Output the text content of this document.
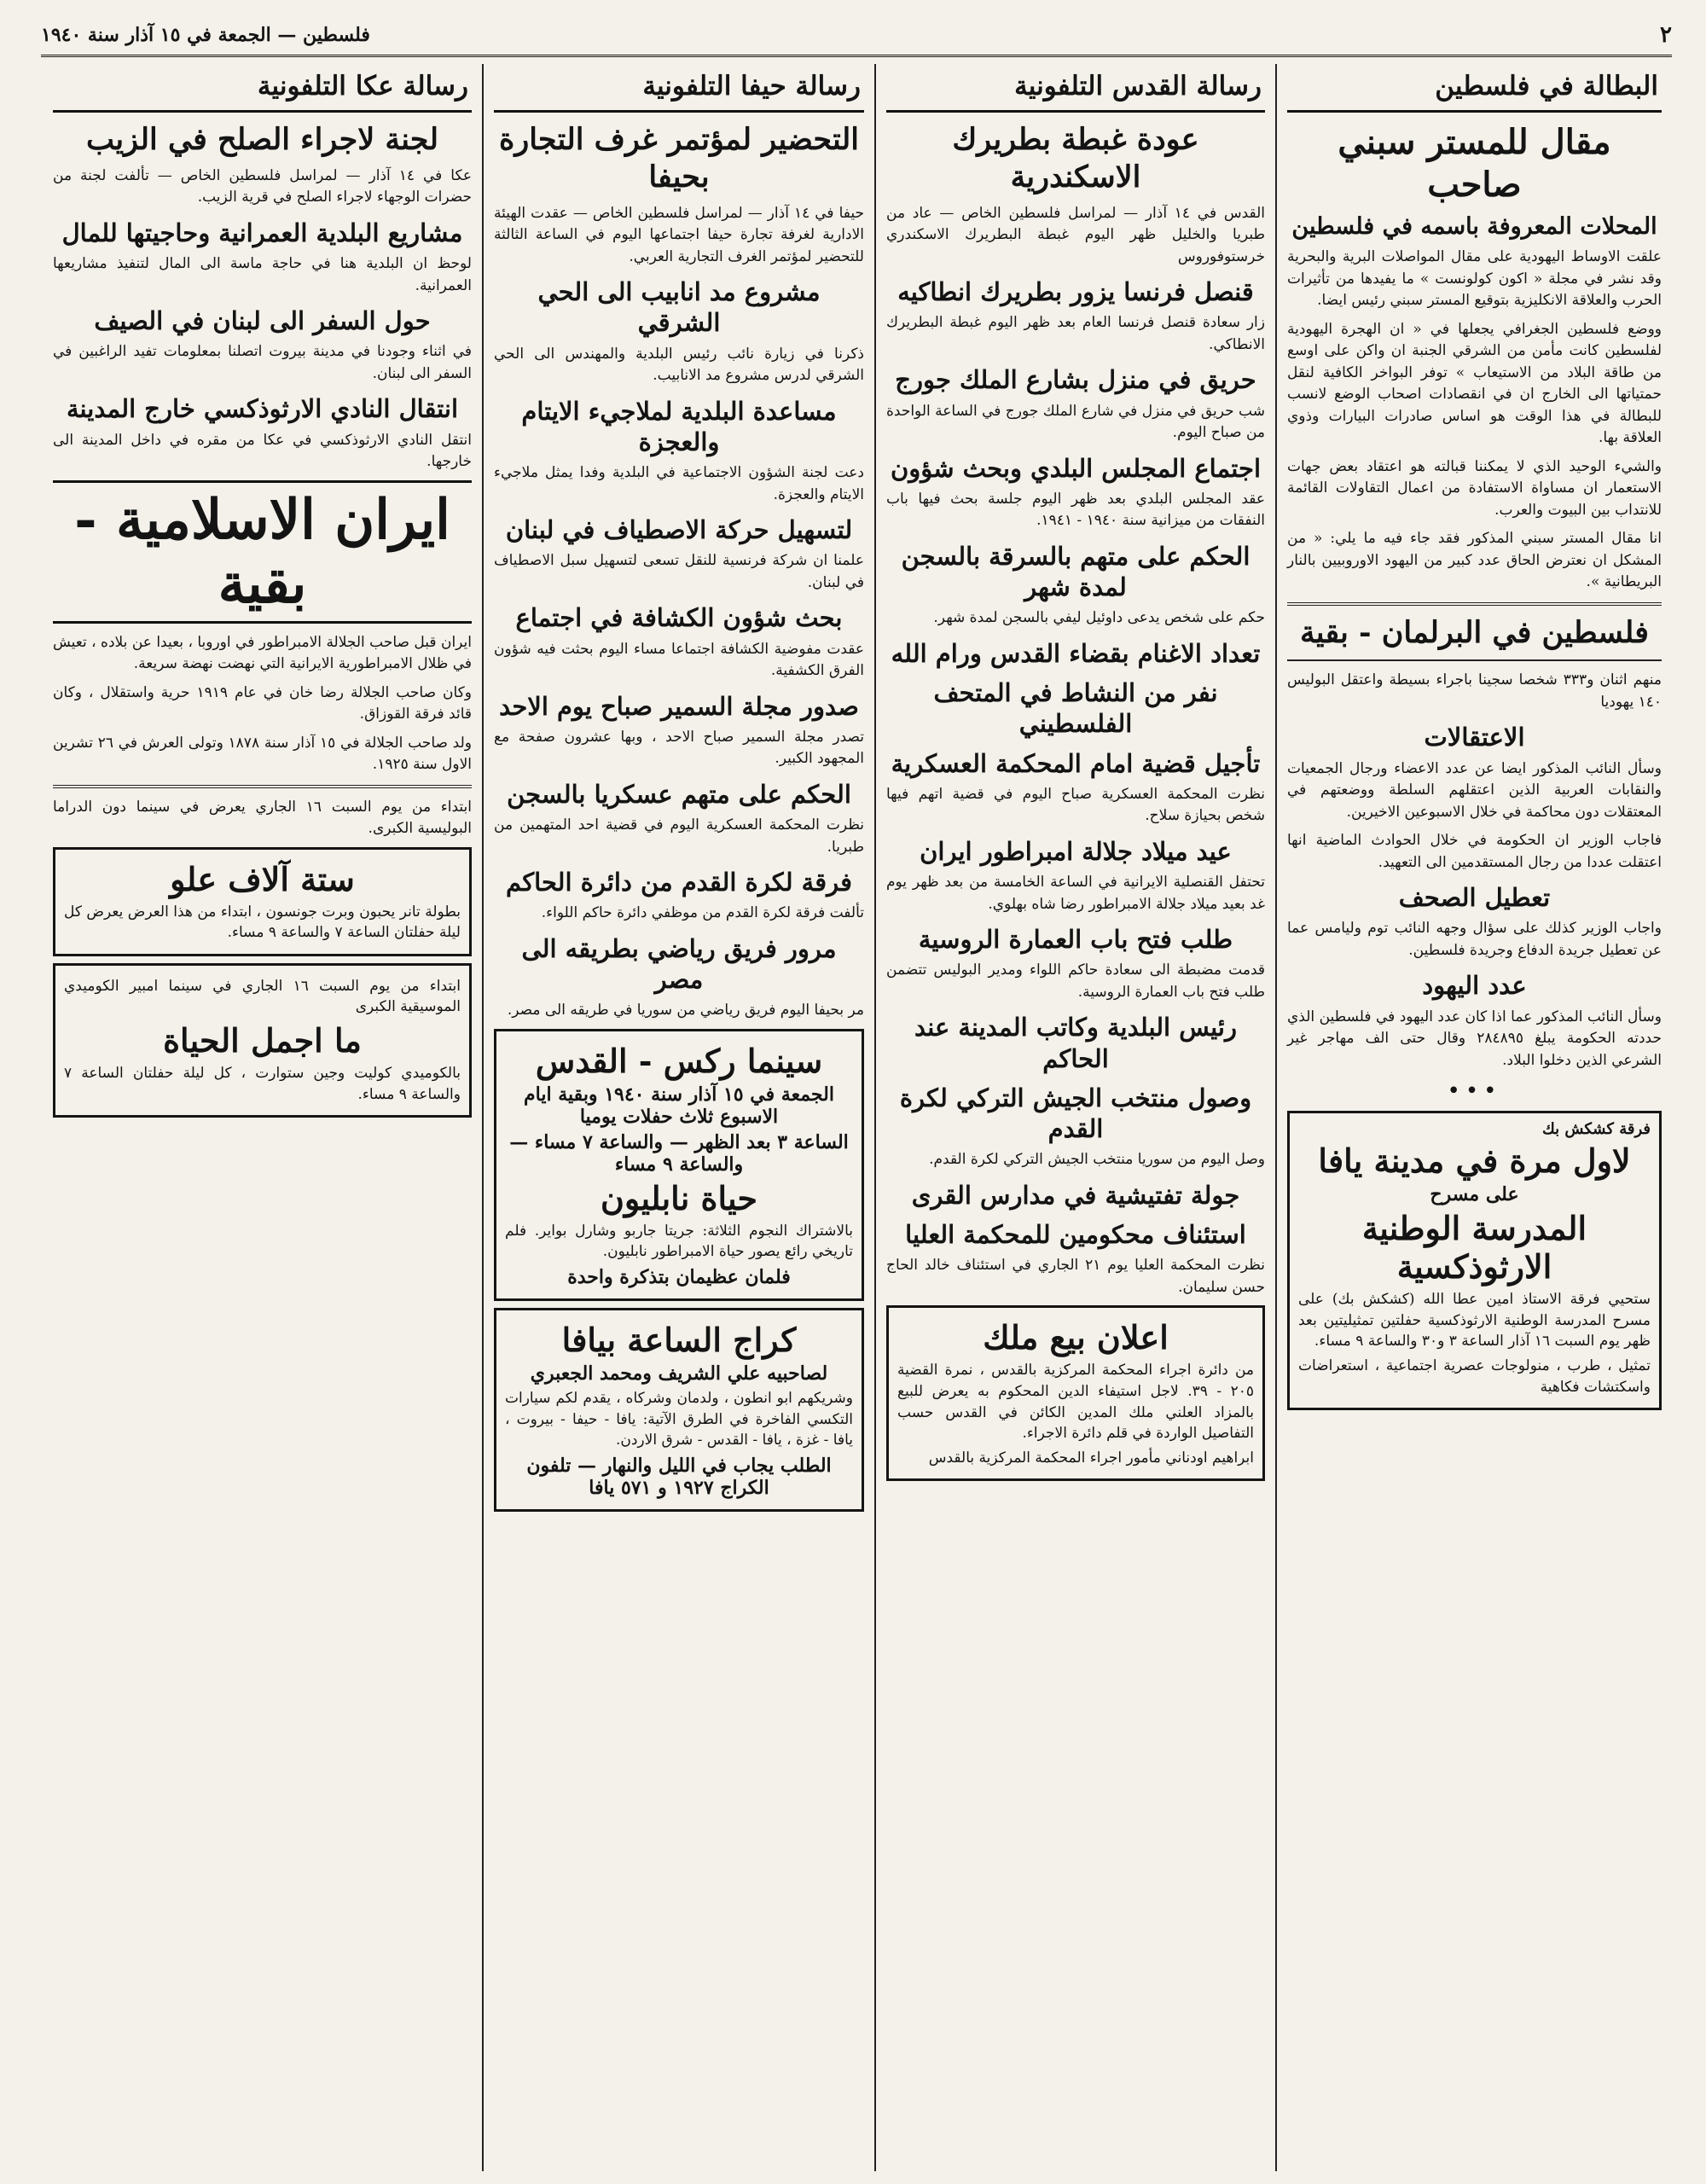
٢
فلسطين — الجمعة في ١٥ آذار سنة ١٩٤٠
البطالة في فلسطين
مقال للمستر سبني صاحب
المحلات المعروفة باسمه في فلسطين

علقت الاوساط اليهودية على مقال المواصلات البرية والبحرية وقد نشر في مجلة « اكون كولونست » ما يفيدها من تأثيرات الحرب والعلاقة الانكليزية بتوقيع المستر سبني رئيس ايضا.

ووضع فلسطين الجغرافي يجعلها في « ان الهجرة اليهودية لفلسطين كانت مأمن من الشرقي الجنبة ان واكن على اوسع من طاقة البلاد من الاستيعاب » توفر البواخر الكافية لنقل حمتياتها الى الخارج ان في انقصادات اصحاب الوضع لانسب للبطالة في هذا الوقت هو اساس صادرات البيارات وذوي العلاقة بها.

والشيء الوحيد الذي لا يمكننا قبالته هو اعتقاد بعض جهات الاستعمار ان مساواة الاستفادة من اعمال التقاولات القائمة للانتداب بين البيوت والعرب.

انا مقال المستر سبني المذكور فقد جاء فيه ما يلي: « من المشكل ان نعترض الحاق عدد كبير من اليهود الاوروبيين بالنار البريطانية ».

فلسطين في البرلمان - بقية

منهم اثنان و٣٣٣ شخصا سجينا باجراء بسيطة واعتقل البوليس ١٤٠ يهوديا

الاعتقالات

وسأل النائب المذكور ايضا عن عدد الاعضاء ورجال الجمعيات والنقابات العربية الذين اعتقلهم السلطة ووضعتهم في المعتقلات دون محاكمة في خلال الاسبوعين الاخيرين.

فاجاب الوزير ان الحكومة في خلال الحوادث الماضية انها اعتقلت عددا من رجال المستقدمين الى التعهيد.

تعطيل الصحف

واجاب الوزير كذلك على سؤال وجهه النائب توم وليامس عما عن تعطيل جريدة الدفاع وجريدة فلسطين.

عدد اليهود

وسأل النائب المذكور عما اذا كان عدد اليهود في فلسطين الذي حددته الحكومة يبلغ ٢٨٤٨٩٥ وقال حتى الف مهاجر غير الشرعي الذين دخلوا البلاد.

•••
فرقة كشكش بك
لاول مرة في مدينة يافا
على مسرح
المدرسة الوطنية الارثوذكسية

ستحيي فرقة الاستاذ امين عطا الله (كشكش بك) على مسرح المدرسة الوطنية الارثوذكسية حفلتين تمثيليتين بعد ظهر يوم السبت ١٦ آذار الساعة ٣ و٣٠ والساعة ٩ مساء.

تمثيل ، طرب ، منولوجات عصرية اجتماعية ، استعراضات واسكتشات فكاهية

رسالة القدس التلفونية
عودة غبطة بطريرك الاسكندرية

القدس في ١٤ آذار — لمراسل فلسطين الخاص — عاد من طبريا والخليل ظهر اليوم غبطة البطريرك الاسكندري خرستوفوروس

قنصل فرنسا يزور بطريرك انطاكيه

زار سعادة قنصل فرنسا العام بعد ظهر اليوم غبطة البطريرك الانطاكي.

حريق في منزل بشارع الملك جورج

شب حريق في منزل في شارع الملك جورج في الساعة الواحدة من صباح اليوم.

اجتماع المجلس البلدي وبحث شؤون

عقد المجلس البلدي بعد ظهر اليوم جلسة بحث فيها باب النفقات من ميزانية سنة ١٩٤٠ - ١٩٤١.

الحكم على متهم بالسرقة بالسجن لمدة شهر

حكم على شخص يدعى داوئيل ليفي بالسجن لمدة شهر.

تعداد الاغنام بقضاء القدس ورام الله
نفر من النشاط في المتحف الفلسطيني
تأجيل قضية امام المحكمة العسكرية

نظرت المحكمة العسكرية صباح اليوم في قضية اتهم فيها شخص بحيازة سلاح.

عيد ميلاد جلالة امبراطور ايران

تحتفل القنصلية الايرانية في الساعة الخامسة من بعد ظهر يوم غد بعيد ميلاد جلالة الامبراطور رضا شاه بهلوي.

طلب فتح باب العمارة الروسية

قدمت مضبطة الى سعادة حاكم اللواء ومدير البوليس تتضمن طلب فتح باب العمارة الروسية.

رئيس البلدية وكاتب المدينة عند الحاكم
وصول منتخب الجيش التركي لكرة القدم

وصل اليوم من سوريا منتخب الجيش التركي لكرة القدم.

جولة تفتيشية في مدارس القرى
استئناف محكومين للمحكمة العليا

نظرت المحكمة العليا يوم ٢١ الجاري في استئناف خالد الحاج حسن سليمان.

اعلان بيع ملك

من دائرة اجراء المحكمة المركزية بالقدس ، نمرة القضية ٢٠٥ - ٣٩. لاجل استيفاء الدين المحكوم به يعرض للبيع بالمزاد العلني ملك المدين الكائن في القدس حسب التفاصيل الواردة في قلم دائرة الاجراء.

ابراهيم اودناني مأمور اجراء المحكمة المركزية بالقدس

رسالة حيفا التلفونية
التحضير لمؤتمر غرف التجارة بحيفا

حيفا في ١٤ آذار — لمراسل فلسطين الخاص — عقدت الهيئة الادارية لغرفة تجارة حيفا اجتماعها اليوم في الساعة الثالثة للتحضير لمؤتمر الغرف التجارية العربي.

مشروع مد انابيب الى الحي الشرقي

ذكرنا في زيارة نائب رئيس البلدية والمهندس الى الحي الشرقي لدرس مشروع مد الانابيب.

مساعدة البلدية لملاجيء الايتام والعجزة

دعت لجنة الشؤون الاجتماعية في البلدية وفدا يمثل ملاجيء الايتام والعجزة.

لتسهيل حركة الاصطياف في لبنان

علمنا ان شركة فرنسية للنقل تسعى لتسهيل سبل الاصطياف في لبنان.

بحث شؤون الكشافة في اجتماع

عقدت مفوضية الكشافة اجتماعا مساء اليوم بحثت فيه شؤون الفرق الكشفية.

صدور مجلة السمير صباح يوم الاحد

تصدر مجلة السمير صباح الاحد ، وبها عشرون صفحة مع المجهود الكبير.

الحكم على متهم عسكريا بالسجن

نظرت المحكمة العسكرية اليوم في قضية احد المتهمين من طبريا.

فرقة لكرة القدم من دائرة الحاكم

تألفت فرقة لكرة القدم من موظفي دائرة حاكم اللواء.

مرور فريق رياضي بطريقه الى مصر

مر بحيفا اليوم فريق رياضي من سوريا في طريقه الى مصر.

سينما ركس - القدس
الجمعة في ١٥ آذار سنة ١٩٤٠ وبقية ايام الاسبوع ثلاث حفلات يوميا
الساعة ٣ بعد الظهر — والساعة ٧ مساء — والساعة ٩ مساء
حياة نابليون

بالاشتراك النجوم الثلاثة: جريتا جاربو وشارل بواير. فلم تاريخي رائع يصور حياة الامبراطور نابليون.

فلمان عظيمان بتذكرة واحدة
كراج الساعة بيافا
لصاحبيه علي الشريف ومحمد الجعبري

وشريكهم ابو انطون ، ولدمان وشركاه ، يقدم لكم سيارات التكسي الفاخرة في الطرق الآتية: يافا - حيفا - بيروت ، يافا - غزة ، يافا - القدس - شرق الاردن.

الطلب يجاب في الليل والنهار — تلفون الكراج ١٩٢٧ و ٥٧١ يافا
رسالة عكا التلفونية
لجنة لاجراء الصلح في الزيب

عكا في ١٤ آذار — لمراسل فلسطين الخاص — تألفت لجنة من حضرات الوجهاء لاجراء الصلح في قرية الزيب.

مشاريع البلدية العمرانية وحاجيتها للمال

لوحظ ان البلدية هنا في حاجة ماسة الى المال لتنفيذ مشاريعها العمرانية.

حول السفر الى لبنان في الصيف

في اثناء وجودنا في مدينة بيروت اتصلنا بمعلومات تفيد الراغبين في السفر الى لبنان.

انتقال النادي الارثوذكسي خارج المدينة

انتقل النادي الارثوذكسي في عكا من مقره في داخل المدينة الى خارجها.

ايران الاسلامية - بقية

ايران قبل صاحب الجلالة الامبراطور في اوروبا ، بعيدا عن بلاده ، تعيش في ظلال الامبراطورية الايرانية التي نهضت نهضة سريعة.

وكان صاحب الجلالة رضا خان في عام ١٩١٩ حرية واستقلال ، وكان قائد فرقة القوزاق.

ولد صاحب الجلالة في ١٥ آذار سنة ١٨٧٨ وتولى العرش في ٢٦ تشرين الاول سنة ١٩٢٥.

ابتداء من يوم السبت ١٦ الجاري يعرض في سينما دون الدراما البوليسية الكبرى.

ستة آلاف علو

بطولة تانر يحبون وبرت جونسون ، ابتداء من هذا العرض يعرض كل ليلة حفلتان الساعة ٧ والساعة ٩ مساء.

ابتداء من يوم السبت ١٦ الجاري في سينما امبير الكوميدي الموسيقية الكبرى

ما اجمل الحياة

بالكوميدي كوليت وجين ستوارت ، كل ليلة حفلتان الساعة ٧ والساعة ٩ مساء.
